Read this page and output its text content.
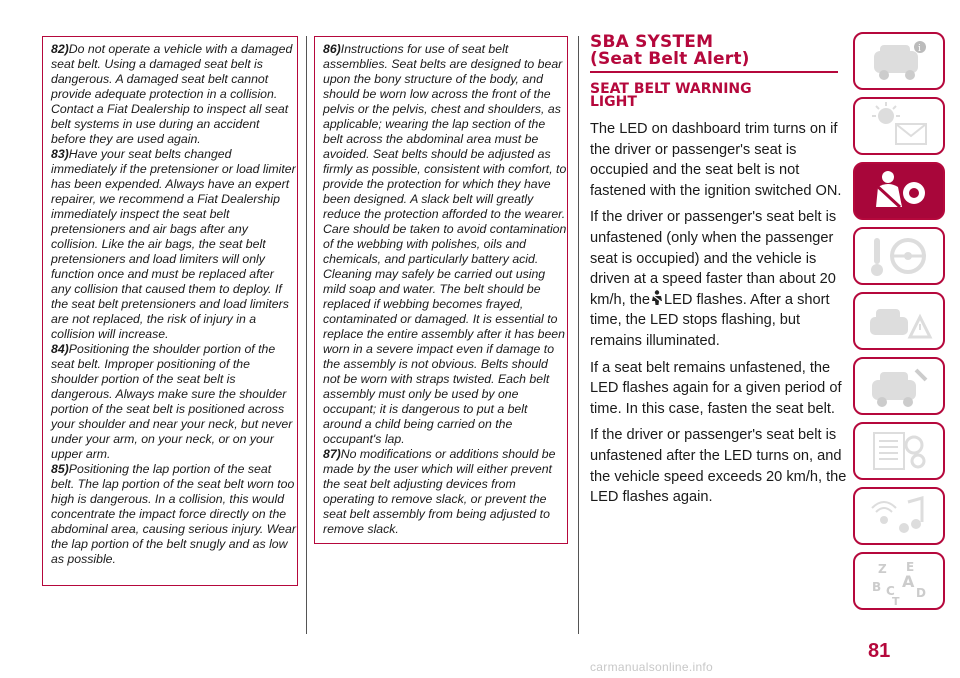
82)Do not operate a vehicle with a damaged seat belt. Using a damaged seat belt is dangerous. A damaged seat belt cannot provide adequate protection in a collision. Contact a Fiat Dealership to inspect all seat belt systems in use during an accident before they are used again.

83)Have your seat belts changed immediately if the pretensioner or load limiter has been expended. Always have an expert repairer, we recommend a Fiat Dealership immediately inspect the seat belt pretensioners and air bags after any collision. Like the air bags, the seat belt pretensioners and load limiters will only function once and must be replaced after any collision that caused them to deploy. If the seat belt pretensioners and load limiters are not replaced, the risk of injury in a collision will increase.

84)Positioning the shoulder portion of the seat belt. Improper positioning of the shoulder portion of the seat belt is dangerous. Always make sure the shoulder portion of the seat belt is positioned across your shoulder and near your neck, but never under your arm, on your neck, or on your upper arm.

85)Positioning the lap portion of the seat belt. The lap portion of the seat belt worn too high is dangerous. In a collision, this would concentrate the impact force directly on the abdominal area, causing serious injury. Wear the lap portion of the belt snugly and as low as possible.

86)Instructions for use of seat belt assemblies. Seat belts are designed to bear upon the bony structure of the body, and should be worn low across the front of the pelvis or the pelvis, chest and shoulders, as applicable; wearing the lap section of the belt across the abdominal area must be avoided. Seat belts should be adjusted as firmly as possible, consistent with comfort, to provide the protection for which they have been designed. A slack belt will greatly reduce the protection afforded to the wearer. Care should be taken to avoid contamination of the webbing with polishes, oils and chemicals, and particularly battery acid. Cleaning may safely be carried out using mild soap and water. The belt should be replaced if webbing becomes frayed, contaminated or damaged. It is essential to replace the entire assembly after it has been worn in a severe impact even if damage to the assembly is not obvious. Belts should not be worn with straps twisted. Each belt assembly must only be used by one occupant; it is dangerous to put a belt around a child being carried on the occupant's lap.

87)No modifications or additions should be made by the user which will either prevent the seat belt adjusting devices from operating to remove slack, or prevent the seat belt assembly from being adjusted to remove slack.

SBA SYSTEM
(Seat Belt Alert)
SEAT BELT WARNING
LIGHT

The LED on dashboard trim turns on if the driver or passenger's seat is occupied and the seat belt is not fastened with the ignition switched ON.

If the driver or passenger's seat belt is unfastened (only when the passenger seat is occupied) and the vehicle is driven at a speed faster than about 20 km/h, the LED flashes. After a short time, the LED stops flashing, but remains illuminated.

If a seat belt remains unfastened, the LED flashes again for a given period of time. In this case, fasten the seat belt.

If the driver or passenger's seat belt is unfastened after the LED turns on, and the vehicle speed exceeds 20 km/h, the LED flashes again.

i
Z E
B A
C D
T
81
carmanualsonline.info
